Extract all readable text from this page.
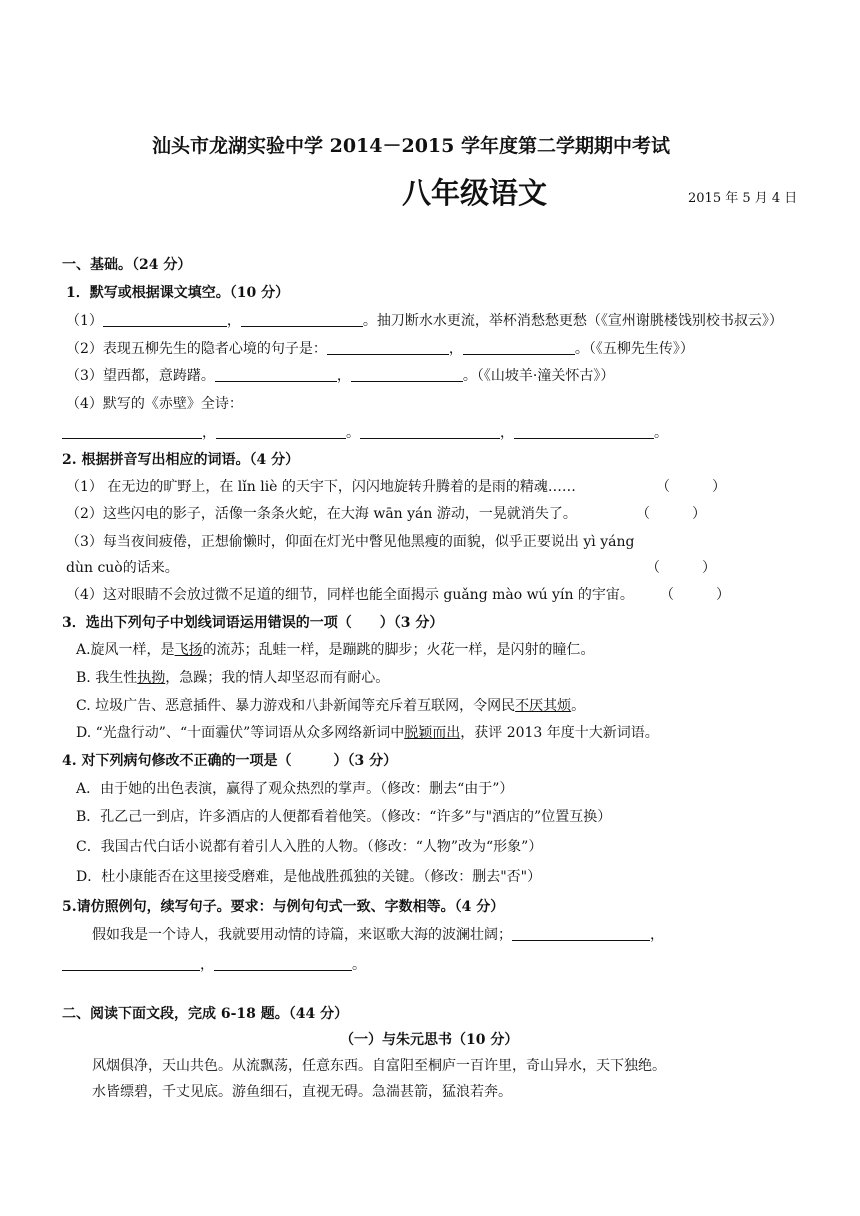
汕头市龙湖实验中学 2014－2015 学年度第二学期期中考试
八年级语文	2015 年 5 月 4 日
一、基础。（24 分）
1．默写或根据课文填空。（10 分）
（1）	，	。抽刀断水水更流，举杯消愁愁更愁（《宣州谢朓楼饯别校书叔云》）
（2）表现五柳先生的隐者心境的句子是：	，	。（《五柳先生传》）
（3）望西都，意踌躇。	，	。（《山坡羊·潼关怀古》）
（4）默写的《赤壁》全诗：
，	。	，	。
2. 根据拼音写出相应的词语。（4 分）
（1） 在无边的旷野上，在 lǐn liè 的天宇下，闪闪地旋转升腾着的是雨的精魂……	（　　　）
（2）这些闪电的影子，活像一条条火蛇，在大海 wān yán 游动，一晃就消失了。	（　　　）
（3）每当夜间疲倦，正想偷懒时，仰面在灯光中瞥见他黑瘦的面貌，似乎正要说出 yì yáng
dùn cuò的话来。	（　　　）
（4）这对眼睛不会放过微不足道的细节，同样也能全面揭示 guǎng mào wú yín 的宇宙。 （　　　）
3．选出下列句子中划线词语运用错误的一项（　　）（3 分）
A.旋风一样，是飞扬的流苏；乱蛙一样，是蹦跳的脚步；火花一样，是闪射的瞳仁。
B. 我生性执拗，急躁；我的情人却坚忍而有耐心。
C. 垃圾广告、恶意插件、暴力游戏和八卦新闻等充斥着互联网，令网民不厌其烦。
D. “光盘行动”、“十面霾伏”等词语从众多网络新词中脱颖而出，获评 2013 年度十大新词语。
4. 对下列病句修改不正确的一项是（　　　）（3 分）
A．由于她的出色表演，赢得了观众热烈的掌声。（修改：删去“由于”）
B．孔乙己一到店，许多酒店的人便都看着他笑。（修改：“许多”与"酒店的”位置互换）
C．我国古代白话小说都有着引人入胜的人物。（修改：“人物”改为“形象”）
D．杜小康能否在这里接受磨难，是他战胜孤独的关键。（修改：删去"否"）
5.请仿照例句，续写句子。要求：与例句句式一致、字数相等。（4 分）
假如我是一个诗人，我就要用动情的诗篇，来讴歌大海的波澜壮阔；	，
，	。
二、阅读下面文段，完成 6-18 题。（44 分）
（一）与朱元思书（10 分）
风烟俱净，天山共色。从流飘荡，任意东西。自富阳至桐庐一百许里，奇山异水，天下独绝。
水皆缥碧，千丈见底。游鱼细石，直视无碍。急湍甚箭，猛浪若奔。
